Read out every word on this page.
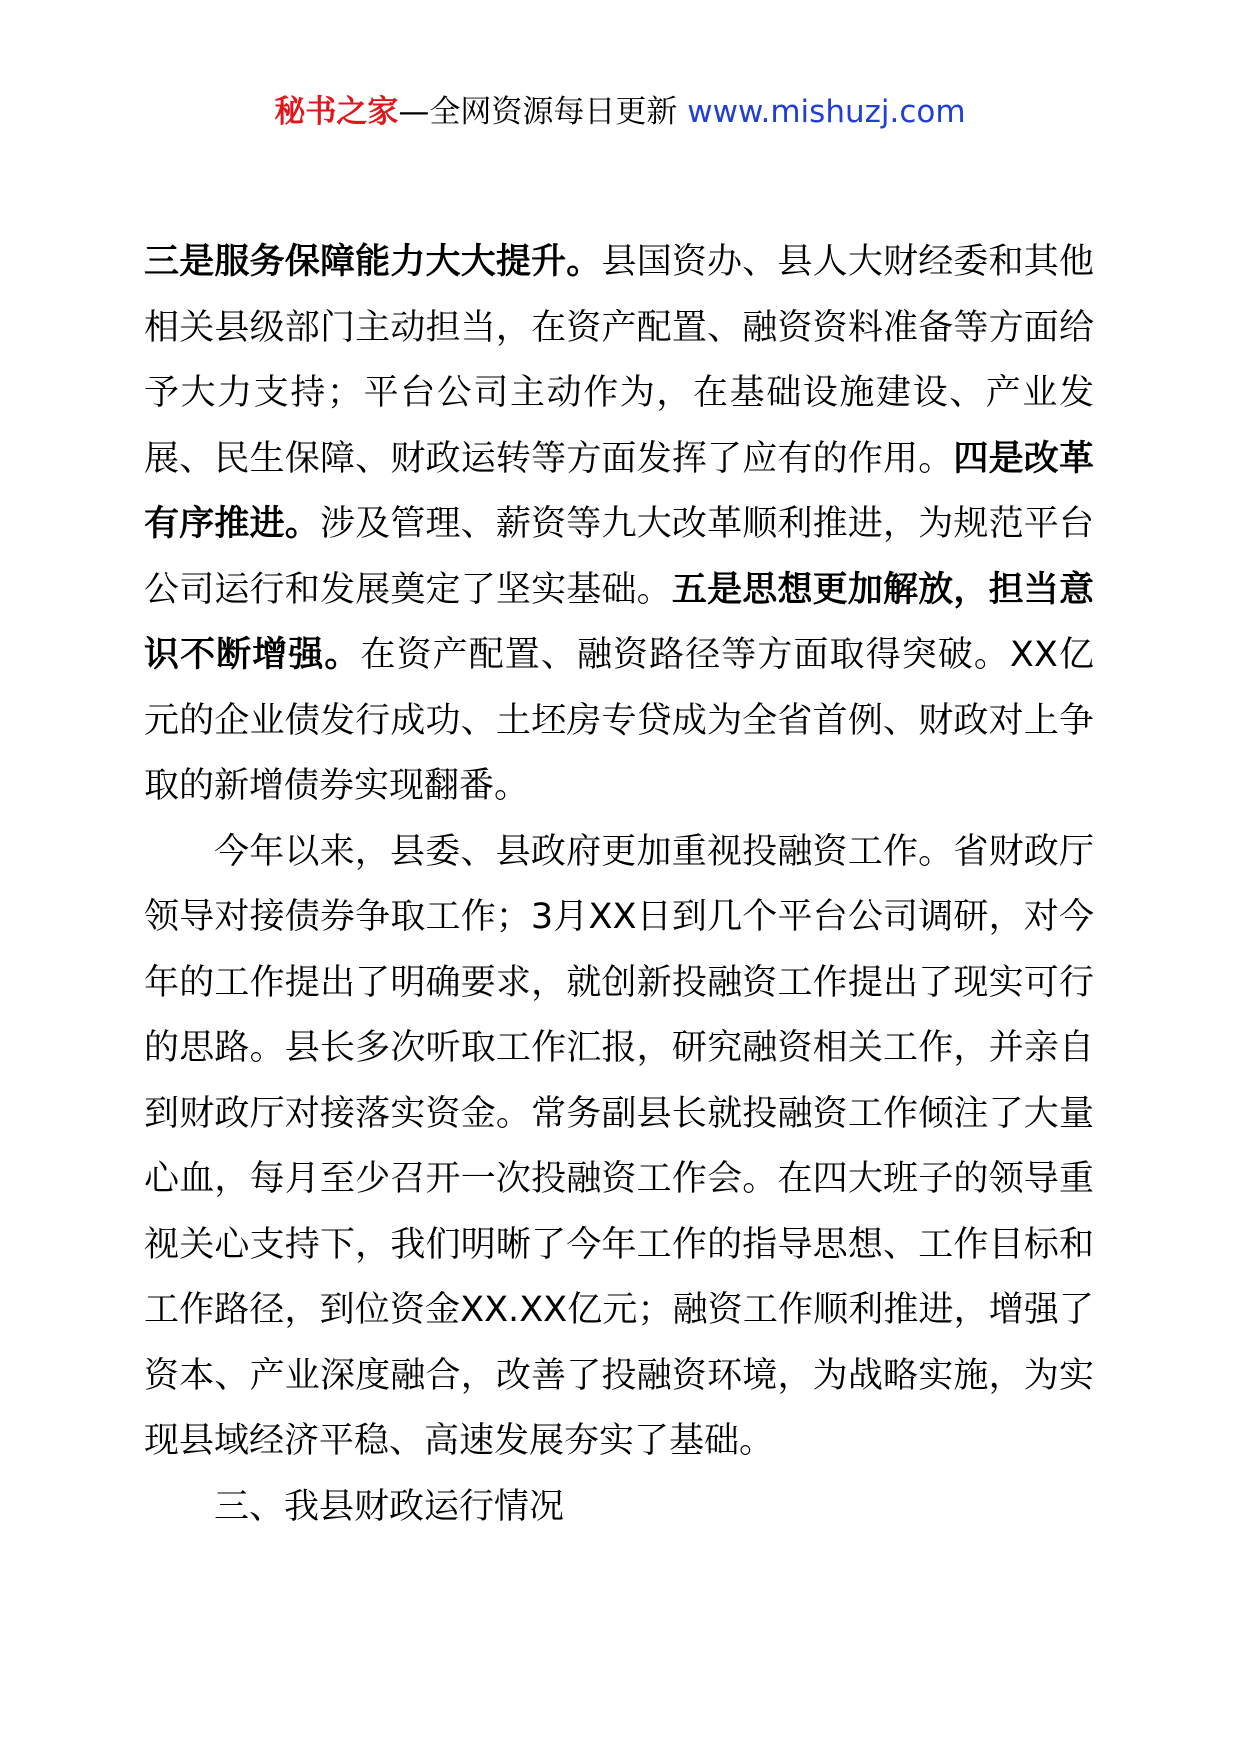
秘书之家—全网资源每日更新 www.mishuzj.com

三是服务保障能力大大提升。县国资办、县人大财经委和其他相关县级部门主动担当，在资产配置、融资资料准备等方面给予大力支持；平台公司主动作为，在基础设施建设、产业发展、民生保障、财政运转等方面发挥了应有的作用。四是改革有序推进。涉及管理、薪资等九大改革顺利推进，为规范平台公司运行和发展奠定了坚实基础。五是思想更加解放，担当意识不断增强。在资产配置、融资路径等方面取得突破。XX亿元的企业债发行成功、土坯房专贷成为全省首例、财政对上争取的新增债券实现翻番。

今年以来，县委、县政府更加重视投融资工作。省财政厅领导对接债券争取工作；3月XX日到几个平台公司调研，对今年的工作提出了明确要求，就创新投融资工作提出了现实可行的思路。县长多次听取工作汇报，研究融资相关工作，并亲自到财政厅对接落实资金。常务副县长就投融资工作倾注了大量心血，每月至少召开一次投融资工作会。在四大班子的领导重视关心支持下，我们明晰了今年工作的指导思想、工作目标和工作路径，到位资金XX.XX亿元；融资工作顺利推进，增强了资本、产业深度融合，改善了投融资环境，为战略实施，为实现县域经济平稳、高速发展夯实了基础。

三、我县财政运行情况
